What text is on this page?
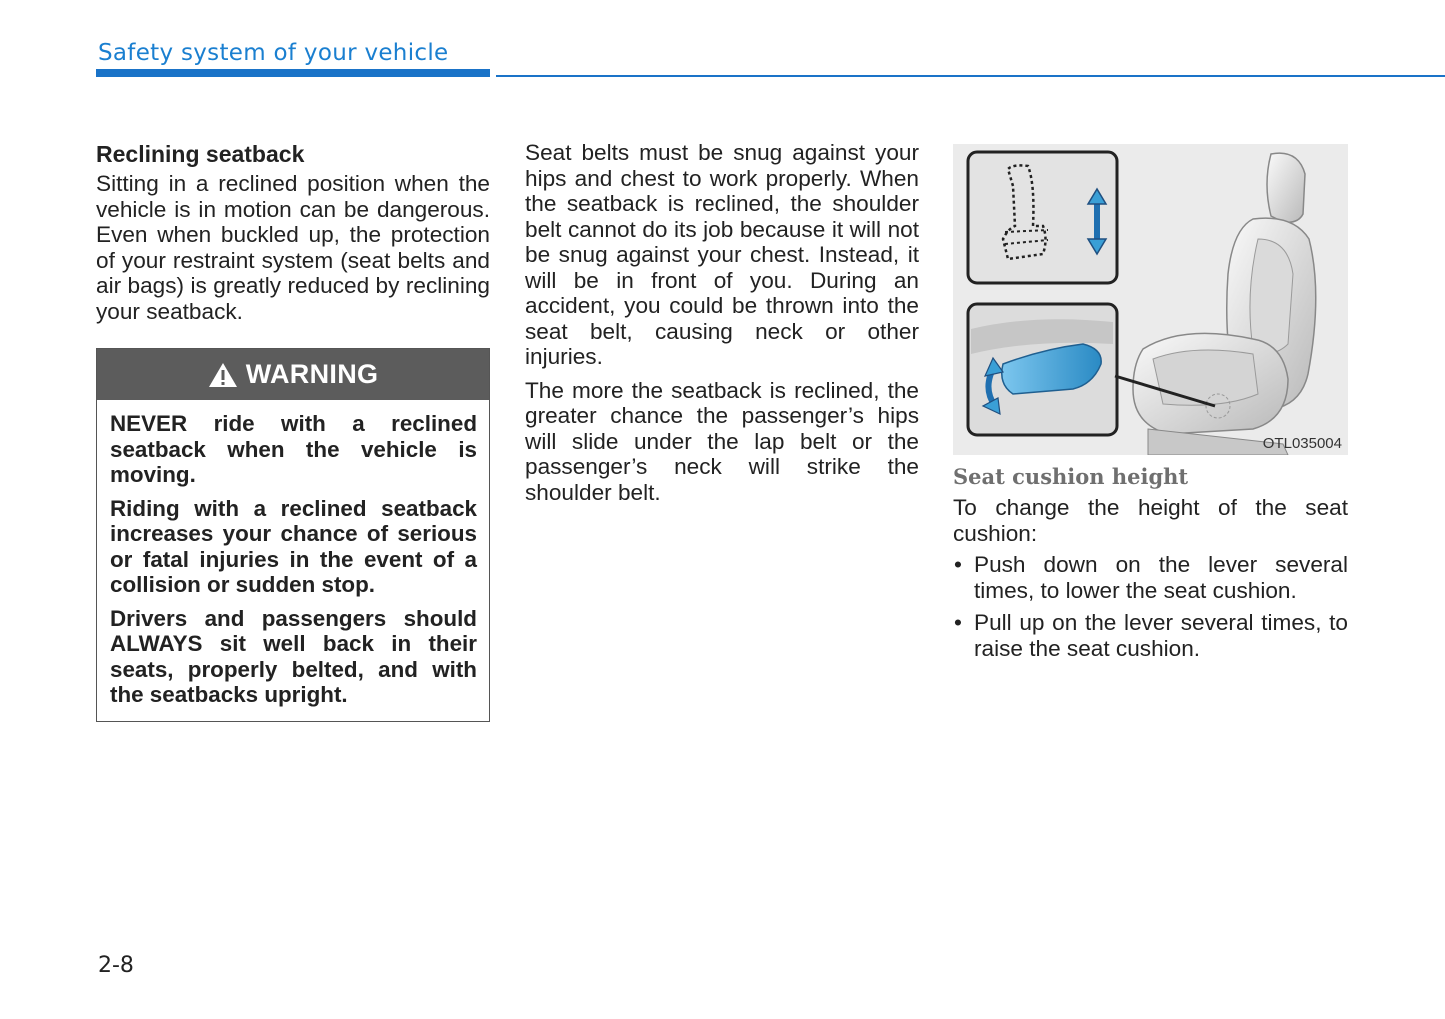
Safety system of your vehicle
Reclining seatback

Sitting in a reclined position when the vehicle is in motion can be dangerous. Even when buckled up, the protection of your restraint system (seat belts and air bags) is greatly reduced by reclining your seatback.

WARNING

NEVER ride with a reclined seatback when the vehicle is moving.

Riding with a reclined seatback increases your chance of serious or fatal injuries in the event of a collision or sudden stop.

Drivers and passengers should ALWAYS sit well back in their seats, properly belted, and with the seatbacks upright.

Seat belts must be snug against your hips and chest to work properly. When the seatback is reclined, the shoulder belt cannot do its job because it will not be snug against your chest. Instead, it will be in front of you. During an accident, you could be thrown into the seat belt, causing neck or other injuries.

The more the seatback is reclined, the greater chance the passenger’s hips will slide under the lap belt or the passenger’s neck will strike the shoulder belt.

OTL035004
Seat cushion height

To change the height of the seat cushion:

• Push down on the lever several times, to lower the seat cushion.
• Pull up on the lever several times, to raise the seat cushion.
2-8
